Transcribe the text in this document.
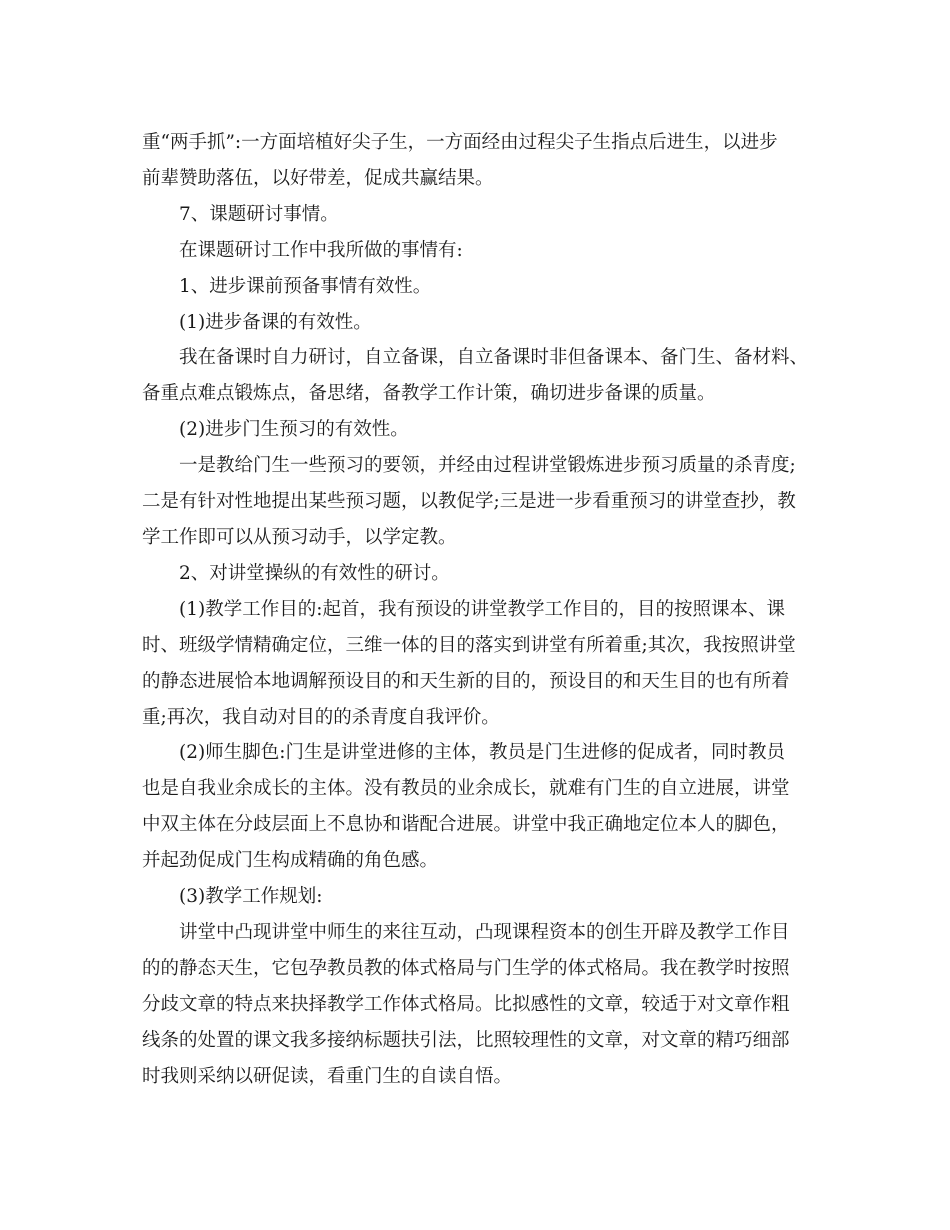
重“两手抓”:一方面培植好尖子生，一方面经由过程尖子生指点后进生，以进步
前辈赞助落伍，以好带差，促成共赢结果。

7、课题研讨事情。

在课题研讨工作中我所做的事情有:

1、进步课前预备事情有效性。

(1)进步备课的有效性。

我在备课时自力研讨，自立备课，自立备课时非但备课本、备门生、备材料、
备重点难点锻炼点，备思绪，备教学工作计策，确切进步备课的质量。

(2)进步门生预习的有效性。

一是教给门生一些预习的要领，并经由过程讲堂锻炼进步预习质量的杀青度;
二是有针对性地提出某些预习题，以教促学;三是进一步看重预习的讲堂查抄，教
学工作即可以从预习动手，以学定教。

2、对讲堂操纵的有效性的研讨。

(1)教学工作目的:起首，我有预设的讲堂教学工作目的，目的按照课本、课
时、班级学情精确定位，三维一体的目的落实到讲堂有所着重;其次，我按照讲堂
的静态进展恰本地调解预设目的和天生新的目的，预设目的和天生目的也有所着
重;再次，我自动对目的的杀青度自我评价。

(2)师生脚色:门生是讲堂进修的主体，教员是门生进修的促成者，同时教员
也是自我业余成长的主体。没有教员的业余成长，就难有门生的自立进展，讲堂
中双主体在分歧层面上不息协和谐配合进展。讲堂中我正确地定位本人的脚色，
并起劲促成门生构成精确的角色感。

(3)教学工作规划:

讲堂中凸现讲堂中师生的来往互动，凸现课程资本的创生开辟及教学工作目
的的静态天生，它包孕教员教的体式格局与门生学的体式格局。我在教学时按照
分歧文章的特点来抉择教学工作体式格局。比拟感性的文章，较适于对文章作粗
线条的处置的课文我多接纳标题扶引法，比照较理性的文章，对文章的精巧细部
时我则采纳以研促读，看重门生的自读自悟。
